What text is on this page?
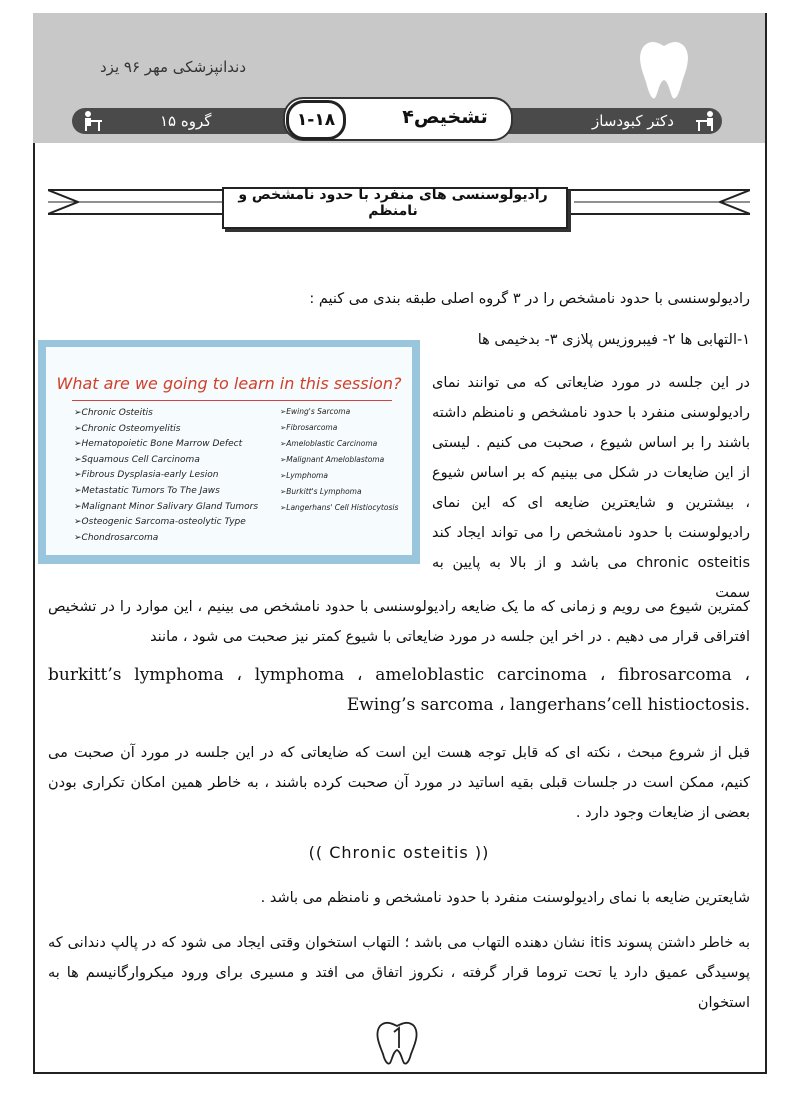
دندانپزشکی مهر ۹۶ یزد
گروه ۱۵	دکتر کبودساز
۱-۱۸	تشخیص۴
رادیولوسنسی های منفرد با حدود نامشخص و نامنظم
رادیولوسنسی با حدود نامشخص را در ۳ گروه اصلی طبقه بندی می کنیم :
۱-التهابی ها ۲- فیبروزیس پلازی ۳- بدخیمی ها
در این جلسه در مورد ضایعاتی که می توانند نمای رادیولوسنی منفرد با حدود نامشخص و نامنظم داشته باشند را بر اساس شیوع ، صحبت می کنیم . لیستی از این ضایعات در شکل می بینیم که بر اساس شیوع ، بیشترین و شایعترین ضایعه ای که این نمای رادیولوسنت با حدود نامشخص را می تواند ایجاد کند chronic osteitis می باشد و از بالا به پایین به سمت
What are we going to learn in this session?
➢Chronic Osteitis
➢Chronic Osteomyelitis
➢Hematopoietic Bone Marrow Defect
➢Squamous Cell Carcinoma
➢Fibrous Dysplasia-early Lesion
➢Metastatic Tumors To The Jaws
➢Malignant Minor Salivary Gland Tumors
➢Osteogenic Sarcoma-osteolytic Type
➢Chondrosarcoma
➢Ewing's Sarcoma
➢Fibrosarcoma
➢Ameloblastic Carcinoma
➢Malignant Ameloblastoma
➢Lymphoma
➢Burkitt's Lymphoma
➢Langerhans' Cell Histiocytosis
کمترین شیوع می رویم و زمانی که ما یک ضایعه رادیولوسنسی با حدود نامشخص می بینیم ، این موارد را در تشخیص افتراقی قرار می دهیم . در اخر این جلسه در مورد ضایعاتی با شیوع کمتر نیز صحبت می شود ، مانند
burkitt’s lymphoma ، lymphoma ، ameloblastic carcinoma ، fibrosarcoma ، Ewing’s sarcoma ، langerhans’cell histioctosis.
قبل از شروع مبحث ، نکته ای که قابل توجه هست این است که ضایعاتی که در این جلسه در مورد آن صحبت می کنیم، ممکن است در جلسات قبلی بقیه اساتید در مورد آن صحبت کرده باشند ، به خاطر همین امکان تکراری بودن بعضی از ضایعات وجود دارد .
(( Chronic osteitis ))
شایعترین ضایعه با نمای رادیولوسنت منفرد با حدود نامشخص و نامنظم می باشد .
به خاطر داشتن پسوند itis نشان دهنده التهاب می باشد ؛ التهاب استخوان وقتی ایجاد می شود که در پالپ دندانی که پوسیدگی عمیق دارد یا تحت تروما قرار گرفته ، نکروز اتفاق می افتد و مسیری برای ورود میکروارگانیسم ها به استخوان
